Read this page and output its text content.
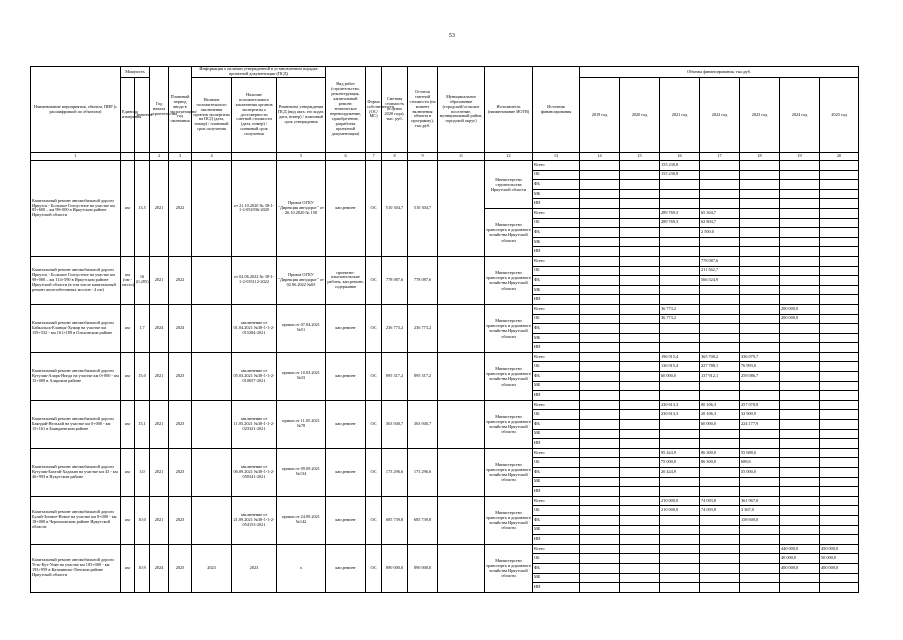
53
Наименование мероприятия, объекта, ПИР (с расшифровкой по объектам)	Мощность		Год начала строительства	Плановый период ввода в эксплуатацию/год окончания	Информация о наличии утвержденной в установленном порядке проектной документации (ПСД)			Вид работ (строительство, реконструкция, капитальный ремонт, техническое перевооружение, приобретение, разработка проектной документации)	Форма собственности (ОС/МС)	Сметная стоимость (в ценах 2020 года), тыс. руб.	Остаток сметной стоимости (на момент включения объекта в программу), тыс.руб.	Муниципальное образование (городской/сельское поселение, муниципальный район, городской округ)	Исполнитель (наименование ИОГВ)	Источник финансирования	Объемы финансирования, тыс.руб.						
	Единица измерения	Значение			Наличие положительного заключения органов экспертизы на ПСД (дата, номер) / плановый срок получения	Наличие положительного заключения органов экспертизы о достоверности сметной стоимости (дата, номер) / плановый срок получения	Реквизиты утверждения ПСД (вид акта, его кодат, дата, номер) / плановый срок утверждения								2019 год	2020 год	2021 год	2022 год	2023 год	2024 год	2025 год
1			2	3	4		5	6	7	8	9	11	12	13	14	15	16	17	18	19	20
Капитальный ремонт автомобильной дороги Иркутск - Большое Голоустное на участке км 85+600 – км 98+000 в Иркутском районе Иркутской области	км	13,5	2021	2022		от 21.10.2020 № 38-1-1-2-052936-2020	Приказ ОГКУ "Дирекция автодорог" от 26.10.2020 № 158	кап.ремонт	ОС	510 304,7	510 304,7		Министерство строительства Иркутской области	Всего			155 230,8				
														ОБ			155 230,8				
														ФБ							
														МБ							
														ИИ							
													Министерство транспорта и дорожного хозяйства Иркутской области	Всего			289 769,3	65 304,7			
														ОБ			289 769,3	62 804,7			
														ФБ				2 500,0			
														МБ							
														ИИ							
Капитальный ремонт автомобильной дороги Иркутск - Большое Голоустное на участке км 98+000 – км 114+590 в Иркутском районе Иркутской области (в том числе капитальный ремонт железобетонных мостов - 4 шт)	км (пм - место)	16 (0,285)	2021	2022		от 02.06.2022 № 38-1-1-2-035112-2022	Приказ ОГКУ "Дирекция автодорог" от 02.06.2022 №65	проектно-изыскательские работы, кап.ремонт, содержание	ОС	778 087,6	778 087,6		Министерство транспорта и дорожного хозяйства Иркутской области	Всего				778 087,6			
														ОБ				211 562,7			
														ФБ				566 524,9			
														МБ							
														ИИ							
Капитальный ремонт автомобильной дороги Байкальск-Еланцы-Хужир на участке км 159+532 - км 161+189 в Ольхонском районе	км	1,7	2024	2024		заключение от 01.04.2021 №38-1-1-2-015284-2021	приказ от 07.04.2021 №51	кап.ремонт	ОС	236 773,2	236 773,2		Министерство транспорта и дорожного хозяйства Иркутской области	Всего			36 773,2			200 000,0	
														ОБ			36 773,2			200 000,0	
														ФБ							
														МБ							
														ИИ							
Капитальный ремонт автомобильной дороги Кутулик-Аларь-Нигда на участке км 0+000 - км 15+000 в Аларском районе	км	15,0	2021	2023		заключение от 05.03.2021 №38-1-1-2-010057-2021	приказ от 10.03.2021 №33	кап.ремонт	ОС	895 317,2	895 317,2		Министерство транспорта и дорожного хозяйства Иркутской области	Всего			196 915,4	365 700,2	336 079,7		
														ОБ			136 915,4	227 788,1	76 993,0		
														ФБ			60 000,0	137 912,1	259 086,7		
														МБ							
														ИИ							
Капитальный ремонт автомобильной дороги Баяндай-Нельхай на участке км 0+000 - км 15+161 в Баяндаевском районе	км	15,1	2021	2023		заключение от 11.05.2021 №38-1-1-2-023321-2021	приказ от 11.05.2021 №78	кап.ремонт	ОС	363 940,7	363 940,7		Министерство транспорта и дорожного хозяйства Иркутской области	Всего			230 613,3	80 106,3	257 078,8		
														ОБ			230 613,3	20 106,3	32 900,9		
														ФБ				60 000,0	224 177,9		
														МБ							
														ИИ							
Капитальный ремонт автомобильной дороги Кутулик-Бахтай-Хадахан на участке км 43 - км 46+993 в Нукутском районе	км	3,0	2021	2023		заключение от 06.09.2021 №38-1-1-2-050341-2021	приказ от 09.09.2021 №134	кап.ремонт	ОС	173 296,6	173 296,6		Министерство транспорта и дорожного хозяйства Иркутской области	Всего			95 424,9	86 300,0	55 688,6		
														ОБ			75 000,0	86 300,0	688,6		
														ФБ			20 424,9		55 000,0		
														МБ							
														ИИ							
Капитальный ремонт автомобильной дороги Булай-Зонное-Новое на участке км 8+000 - км 18+000 в Черемховском районе Иркутской области	км	10,0	2021	2023		заключение от 21.09.2021 №38-1-1-2-054153-2021	приказ от 24.09.2021 №142	кап.ремонт	ОС	685 739,8	685 739,8		Министерство транспорта и дорожного хозяйства Иркутской области	Всего			210 000,0	74 093,8	361 967,0		
														ОБ			210 000,0	74 093,8	3 367,0		
														ФБ					158 600,0		
														МБ							
														ИИ							
Капитальный ремонт автомобильной дороги Усть-Кут-Уоян на участке км 183+000 - км 193+959 в Казачинско-Ленском районе Иркутской области	км	10,9	2024	2025	2023	2023	х	кап.ремонт	ОС	890 000,0	890 000,0		Министерство транспорта и дорожного хозяйства Иркутской области	Всего						440 000,0	450 000,0
														ОБ						40 000,0	50 000,0
														ФБ						400 000,0	400 000,0
														МБ							
														ИИ							
